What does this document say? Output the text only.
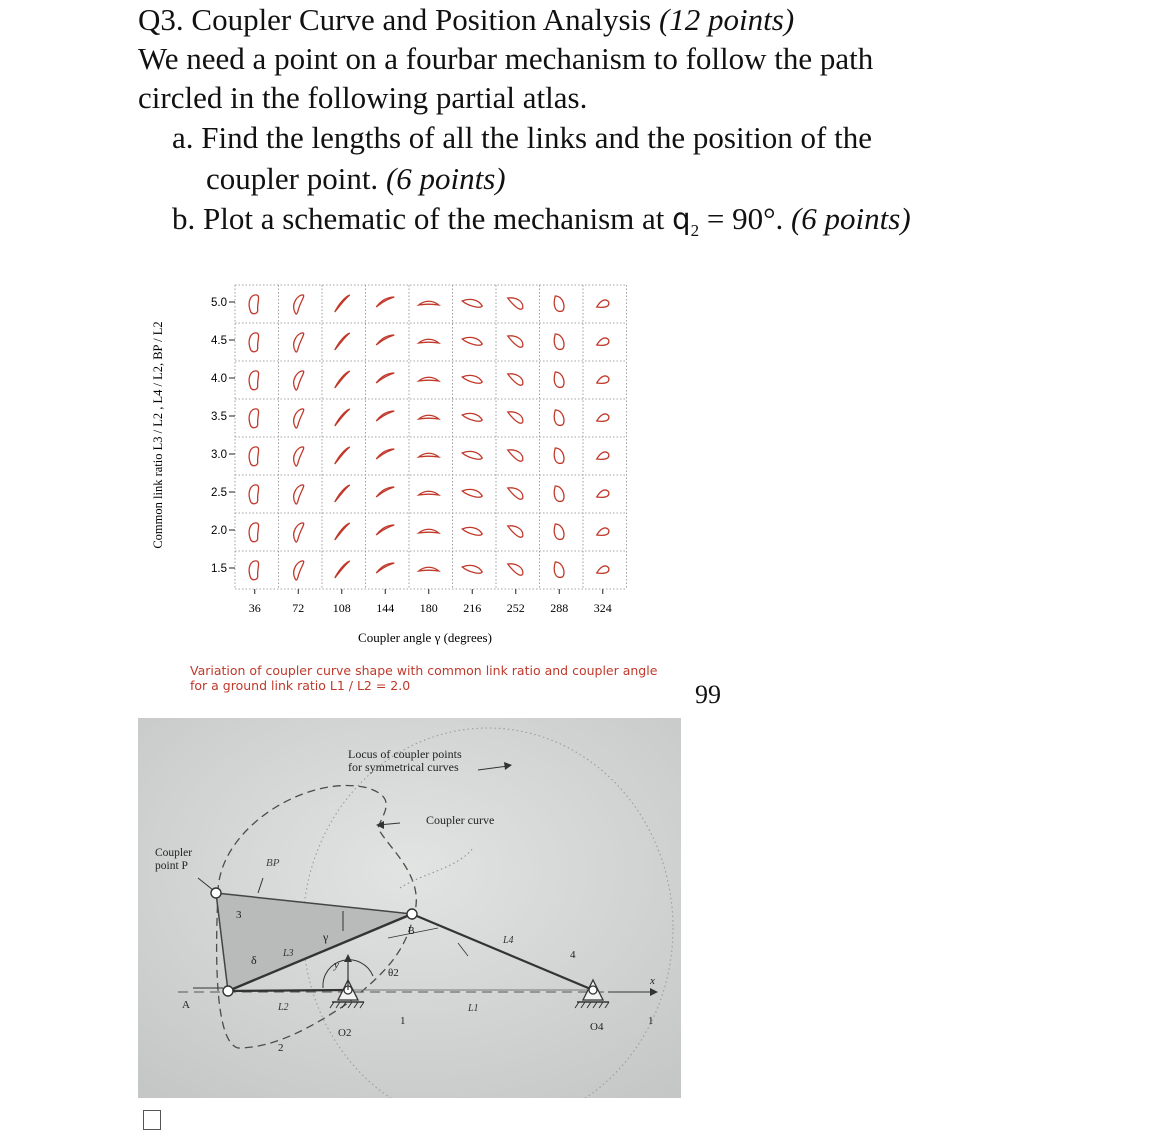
Q3. Coupler Curve and Position Analysis (12 points)
We need a point on a fourbar mechanism to follow the path
circled in the following partial atlas.
a. Find the lengths of all the links and the position of the
coupler point. (6 points)
b. Plot a schematic of the mechanism at $q_2 = 90^\circ$. (6 points)
5.0
4.5
4.0
3.5
3.0
2.5
2.0
1.5
36	72 108 144 180 216 252 288 324
Common link ratio L3 / L2 , L4 / L2, BP / L2
Coupler angle γ (degrees)
Variation of coupler curve shape with common link ratio and coupler angle
for a ground link ratio L1 / L2 = 2.0	99
Locus of coupler points
for symmetrical curves
Coupler curve
Coupler
point P	BP
3
δ	L3
γ	B
L4
4
y
θ2
A	L2
2
O2
1
L1
O4	1
x
